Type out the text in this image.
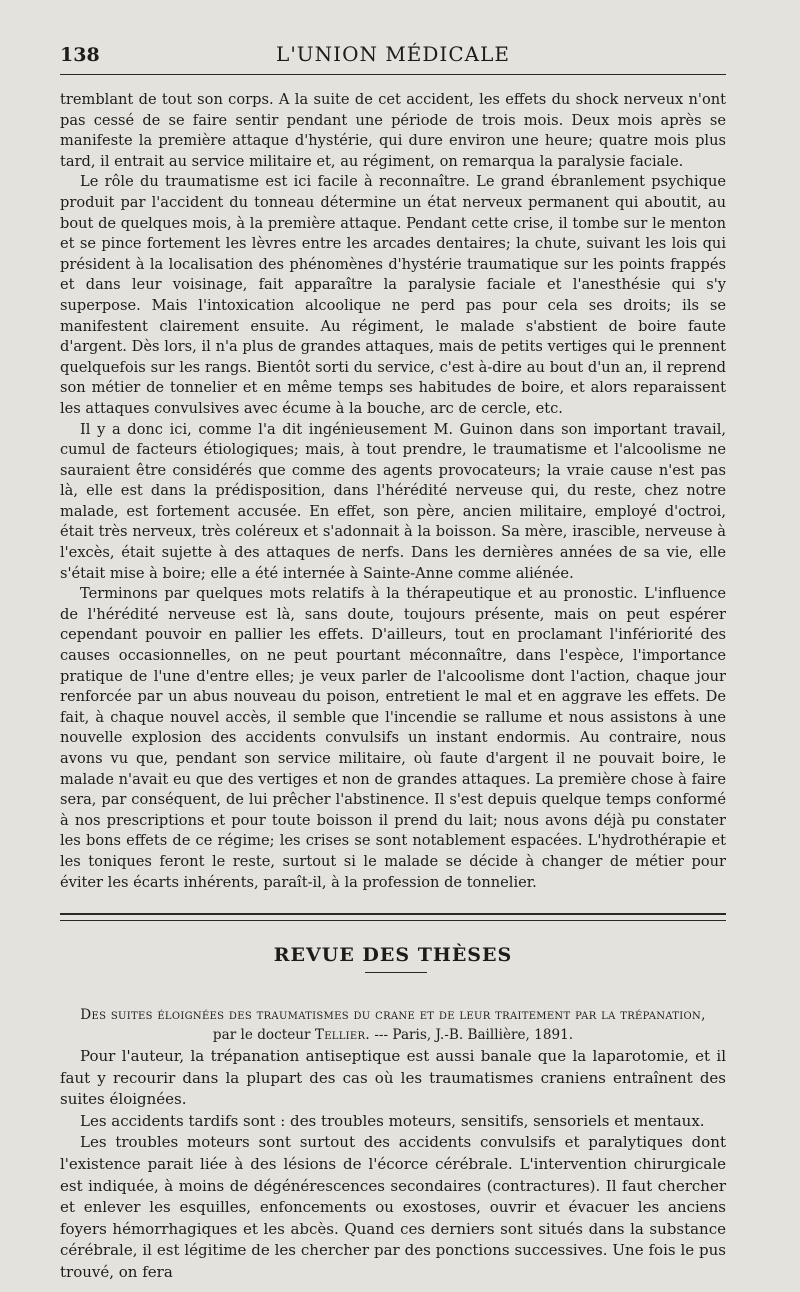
138	L'UNION MÉDICALE

tremblant de tout son corps. A la suite de cet accident, les effets du shock nerveux n'ont pas cessé de se faire sentir pendant une période de trois mois. Deux mois après se manifeste la première attaque d'hystérie, qui dure environ une heure; quatre mois plus tard, il entrait au service militaire et, au régiment, on remarqua la paralysie faciale.

Le rôle du traumatisme est ici facile à reconnaître. Le grand ébranlement psychique produit par l'accident du tonneau détermine un état nerveux permanent qui aboutit, au bout de quelques mois, à la première attaque. Pendant cette crise, il tombe sur le menton et se pince fortement les lèvres entre les arcades dentaires; la chute, suivant les lois qui président à la localisation des phénomènes d'hystérie traumatique sur les points frappés et dans leur voisinage, fait apparaître la paralysie faciale et l'anesthésie qui s'y superpose. Mais l'intoxication alcoolique ne perd pas pour cela ses droits; ils se manifestent clairement ensuite. Au régiment, le malade s'abstient de boire faute d'argent. Dès lors, il n'a plus de grandes attaques, mais de petits vertiges qui le prennent quelquefois sur les rangs. Bientôt sorti du service, c'est à-dire au bout d'un an, il reprend son métier de tonnelier et en même temps ses habitudes de boire, et alors reparaissent les attaques convulsives avec écume à la bouche, arc de cercle, etc.

Il y a donc ici, comme l'a dit ingénieusement M. Guinon dans son important travail, cumul de facteurs étiologiques; mais, à tout prendre, le traumatisme et l'alcoolisme ne sauraient être considérés que comme des agents provocateurs; la vraie cause n'est pas là, elle est dans la prédisposition, dans l'hérédité nerveuse qui, du reste, chez notre malade, est fortement accusée. En effet, son père, ancien militaire, employé d'octroi, était très nerveux, très coléreux et s'adonnait à la boisson. Sa mère, irascible, nerveuse à l'excès, était sujette à des attaques de nerfs. Dans les dernières années de sa vie, elle s'était mise à boire; elle a été internée à Sainte-Anne comme aliénée.

Terminons par quelques mots relatifs à la thérapeutique et au pronostic. L'influence de l'hérédité nerveuse est là, sans doute, toujours présente, mais on peut espérer cependant pouvoir en pallier les effets. D'ailleurs, tout en proclamant l'infériorité des causes occasionnelles, on ne peut pourtant méconnaître, dans l'espèce, l'importance pratique de l'une d'entre elles; je veux parler de l'alcoolisme dont l'action, chaque jour renforcée par un abus nouveau du poison, entretient le mal et en aggrave les effets. De fait, à chaque nouvel accès, il semble que l'incendie se rallume et nous assistons à une nouvelle explosion des accidents convulsifs un instant endormis. Au contraire, nous avons vu que, pendant son service militaire, où faute d'argent il ne pouvait boire, le malade n'avait eu que des vertiges et non de grandes attaques. La première chose à faire sera, par conséquent, de lui prêcher l'abstinence. Il s'est depuis quelque temps conformé à nos prescriptions et pour toute boisson il prend du lait; nous avons déjà pu constater les bons effets de ce régime; les crises se sont notablement espacées. L'hydrothérapie et les toniques feront le reste, surtout si le malade se décide à changer de métier pour éviter les écarts inhérents, paraît-il, à la profession de tonnelier.

REVUE DES THÈSES
Des suites éloignées des traumatismes du crane et de leur traitement par la trépanation,
par le docteur Tellier. --- Paris, J.-B. Baillière, 1891.

Pour l'auteur, la trépanation antiseptique est aussi banale que la laparotomie, et il faut y recourir dans la plupart des cas où les traumatismes craniens entraînent des suites éloignées.

Les accidents tardifs sont : des troubles moteurs, sensitifs, sensoriels et mentaux.

Les troubles moteurs sont surtout des accidents convulsifs et paralytiques dont l'existence parait liée à des lésions de l'écorce cérébrale. L'intervention chirurgicale est indiquée, à moins de dégénérescences secondaires (contractures). Il faut chercher et enlever les esquilles, enfoncements ou exostoses, ouvrir et évacuer les anciens foyers hémorrhagiques et les abcès. Quand ces derniers sont situés dans la substance cérébrale, il est légitime de les chercher par des ponctions successives. Une fois le pus trouvé, on fera
